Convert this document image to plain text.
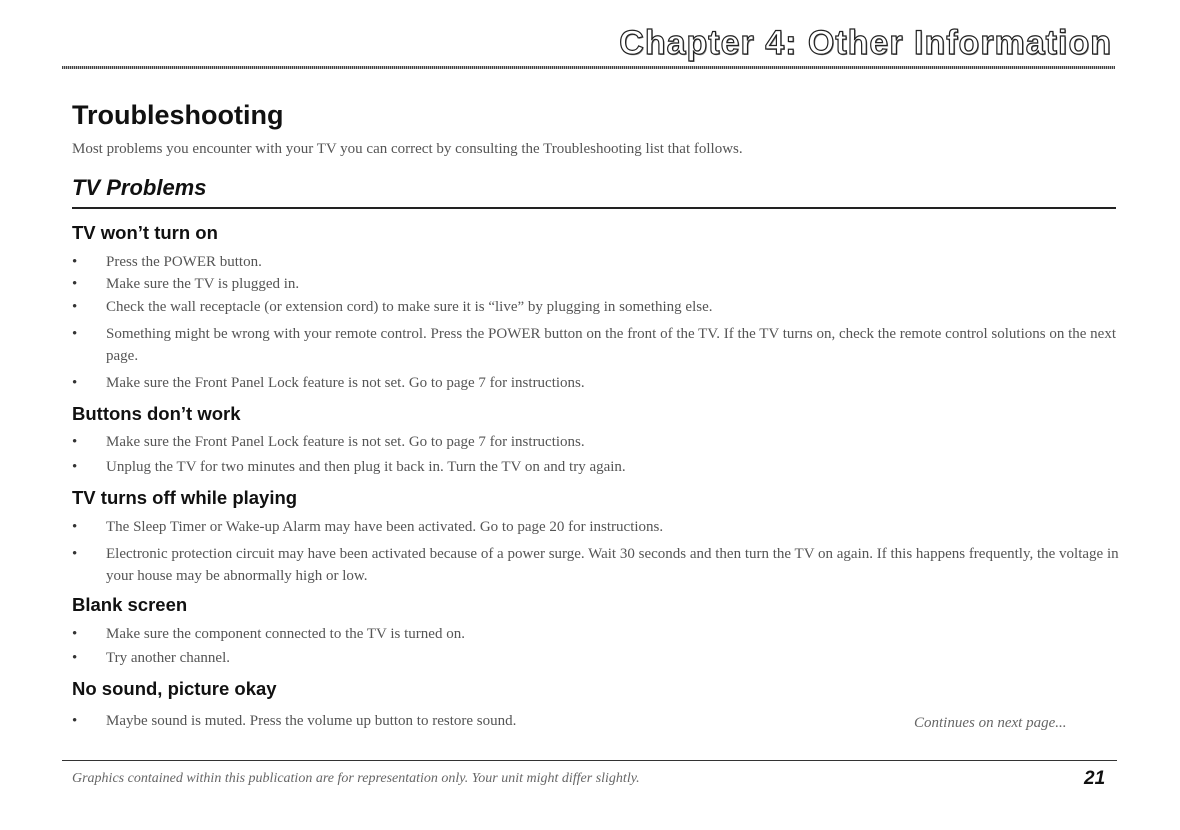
Chapter 4: Other Information
Troubleshooting
Most problems you encounter with your TV you can correct by consulting the Troubleshooting list that follows.
TV Problems
TV won’t turn on
• Press the POWER button.
• Make sure the TV is plugged in.
• Check the wall receptacle (or extension cord) to make sure it is “live” by plugging in something else.
• Something might be wrong with your remote control. Press the POWER button on the front of the TV. If the TV turns on, check the remote control solutions on the next page.
• Make sure the Front Panel Lock feature is not set. Go to page 7 for instructions.
Buttons don’t work
• Make sure the Front Panel Lock feature is not set. Go to page 7 for instructions.
• Unplug the TV for two minutes and then plug it back in. Turn the TV on and try again.
TV turns off while playing
• The Sleep Timer or Wake-up Alarm may have been activated. Go to page 20 for instructions.
• Electronic protection circuit may have been activated because of a power surge. Wait 30 seconds and then turn the TV on again. If this happens frequently, the voltage in your house may be abnormally high or low.
Blank screen
• Make sure the component connected to the TV is turned on.
• Try another channel.
No sound, picture okay
• Maybe sound is muted. Press the volume up button to restore sound.	Continues on next page...
Graphics contained within this publication are for representation only. Your unit might differ slightly.	21
